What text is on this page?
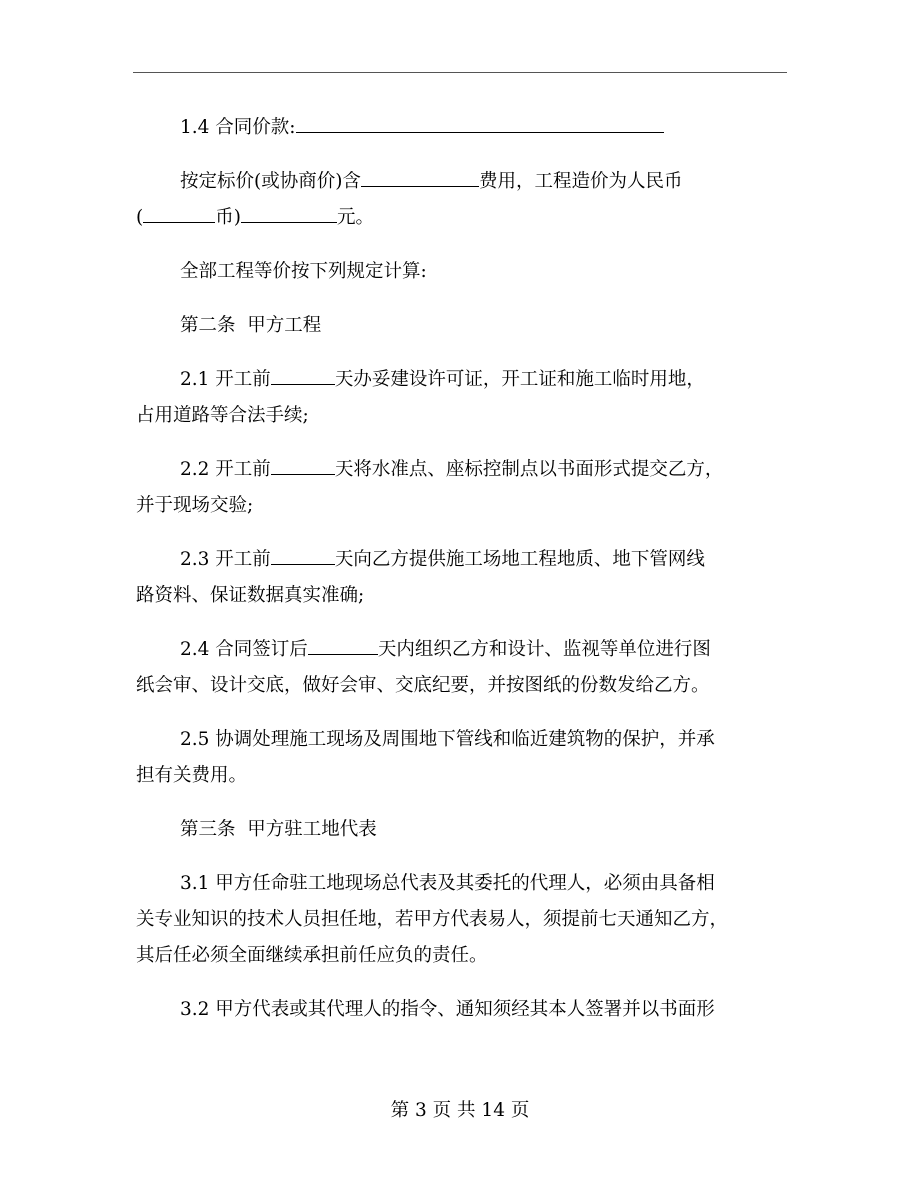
1.4 合同价款:

按定标价(或协商价)含	费用，工程造价为人民币
(	币)	元。

全部工程等价按下列规定计算:

第二条  甲方工程

2.1 开工前	天办妥建设许可证，开工证和施工临时用地，
占用道路等合法手续;

2.2 开工前	天将水准点、座标控制点以书面形式提交乙方，
并于现场交验;

2.3 开工前	天向乙方提供施工场地工程地质、地下管网线
路资料、保证数据真实准确;

2.4 合同签订后	天内组织乙方和设计、监视等单位进行图
纸会审、设计交底，做好会审、交底纪要，并按图纸的份数发给乙方。

2.5 协调处理施工现场及周围地下管线和临近建筑物的保护，并承
担有关费用。

第三条  甲方驻工地代表

3.1 甲方任命驻工地现场总代表及其委托的代理人，必须由具备相
关专业知识的技术人员担任地，若甲方代表易人，须提前七天通知乙方，
其后任必须全面继续承担前任应负的责任。

3.2 甲方代表或其代理人的指令、通知须经其本人签署并以书面形

第 3 页 共 14 页
